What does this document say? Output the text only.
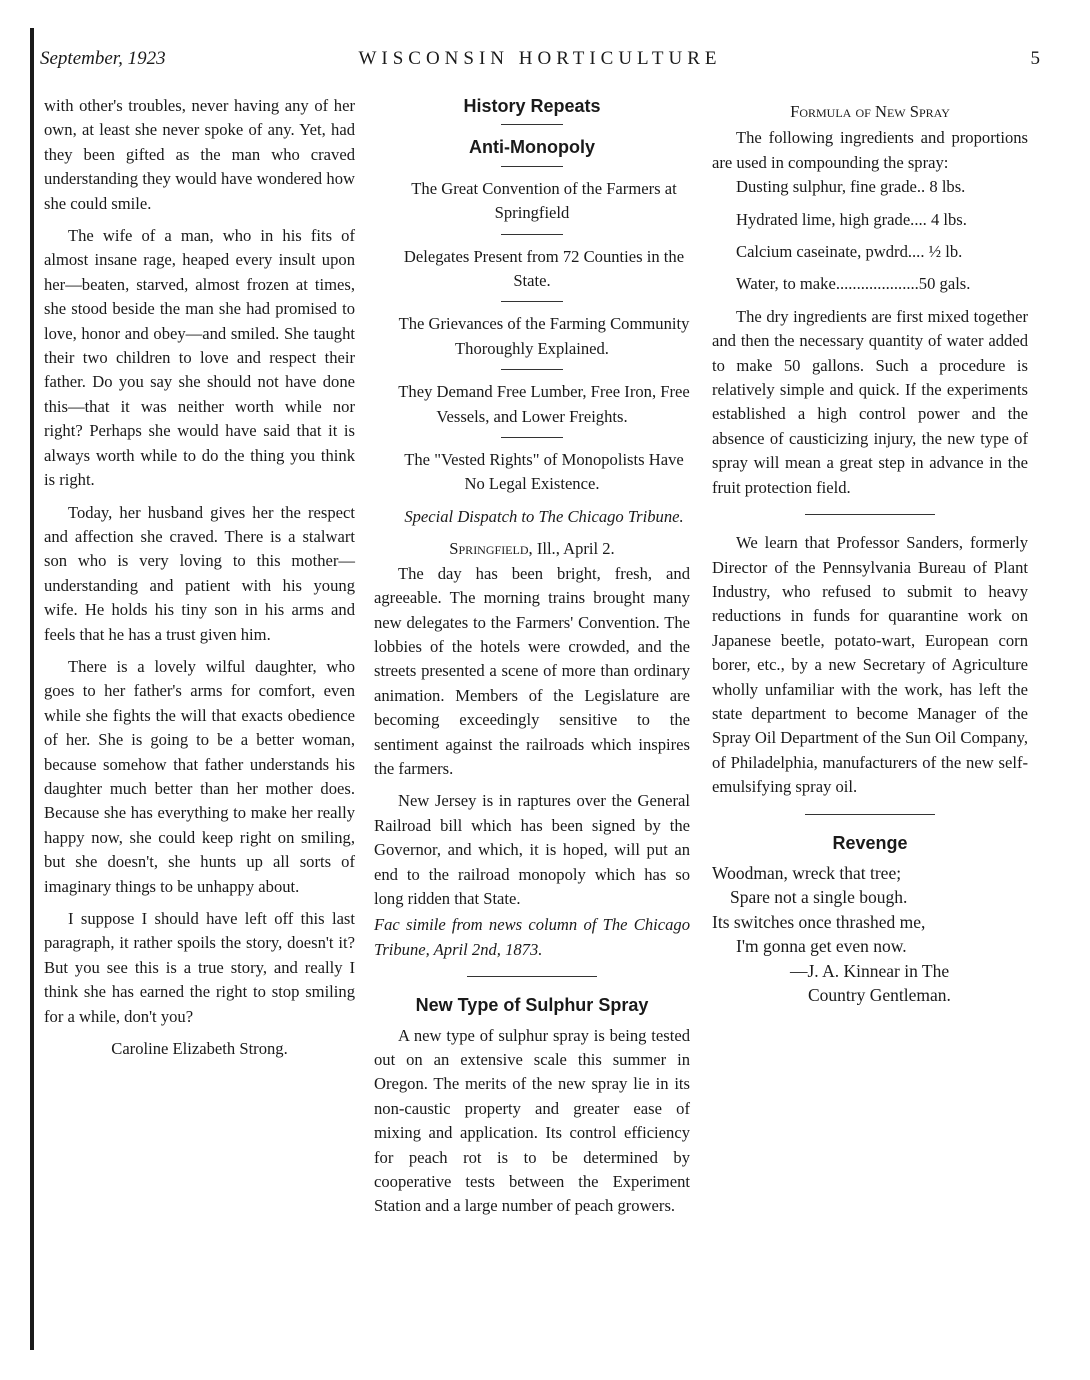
September, 1923	WISCONSIN HORTICULTURE	5

with other's troubles, never having any of her own, at least she never spoke of any. Yet, had they been gifted as the man who craved understanding they would have wondered how she could smile.

The wife of a man, who in his fits of almost insane rage, heaped every insult upon her—beaten, starved, almost frozen at times, she stood beside the man she had promised to love, honor and obey—and smiled. She taught their two children to love and respect their father. Do you say she should not have done this—that it was neither worth while nor right? Perhaps she would have said that it is always worth while to do the thing you think is right.

Today, her husband gives her the respect and affection she craved. There is a stalwart son who is very loving to this mother—understanding and patient with his young wife. He holds his tiny son in his arms and feels that he has a trust given him.

There is a lovely wilful daughter, who goes to her father's arms for comfort, even while she fights the will that exacts obedience of her. She is going to be a better woman, because somehow that father understands his daughter much better than her mother does. Because she has everything to make her really happy now, she could keep right on smiling, but she doesn't, she hunts up all sorts of imaginary things to be unhappy about.

I suppose I should have left off this last paragraph, it rather spoils the story, doesn't it? But you see this is a true story, and really I think she has earned the right to stop smiling for a while, don't you?

Caroline Elizabeth Strong.

History Repeats
Anti-Monopoly

The Great Convention of the Farmers at Springfield

Delegates Present from 72 Counties in the State.

The Grievances of the Farming Community Thoroughly Explained.

They Demand Free Lumber, Free Iron, Free Vessels, and Lower Freights.

The "Vested Rights" of Monopolists Have No Legal Existence.

Special Dispatch to The Chicago Tribune.

Springfield, Ill., April 2.

The day has been bright, fresh, and agreeable. The morning trains brought many new delegates to the Farmers' Convention. The lobbies of the hotels were crowded, and the streets presented a scene of more than ordinary animation. Members of the Legislature are becoming exceedingly sensitive to the sentiment against the railroads which inspires the farmers.

New Jersey is in raptures over the General Railroad bill which has been signed by the Governor, and which, it is hoped, will put an end to the railroad monopoly which has so long ridden that State.

Fac simile from news column of The Chicago Tribune, April 2nd, 1873.

New Type of Sulphur Spray

A new type of sulphur spray is being tested out on an extensive scale this summer in Oregon. The merits of the new spray lie in its non-caustic property and greater ease of mixing and application. Its control efficiency for peach rot is to be determined by cooperative tests between the Experiment Station and a large number of peach growers.

Formula of New Spray

The following ingredients and proportions are used in compounding the spray:

Dusting sulphur, fine grade.. 8 lbs.

Hydrated lime, high grade.... 4 lbs.

Calcium caseinate, pwdrd.... ½ lb.

Water, to make....................50 gals.

The dry ingredients are first mixed together and then the necessary quantity of water added to make 50 gallons. Such a procedure is relatively simple and quick. If the experiments established a high control power and the absence of causticizing injury, the new type of spray will mean a great step in advance in the fruit protection field.

We learn that Professor Sanders, formerly Director of the Pennsylvania Bureau of Plant Industry, who refused to submit to heavy reductions in funds for quarantine work on Japanese beetle, potato-wart, European corn borer, etc., by a new Secretary of Agriculture wholly unfamiliar with the work, has left the state department to become Manager of the Spray Oil Department of the Sun Oil Company, of Philadelphia, manufacturers of the new self-emulsifying spray oil.

Revenge
Woodman, wreck that tree;
Spare not a single bough.
Its switches once thrashed me,
I'm gonna get even now.
—J. A. Kinnear in The
Country Gentleman.
